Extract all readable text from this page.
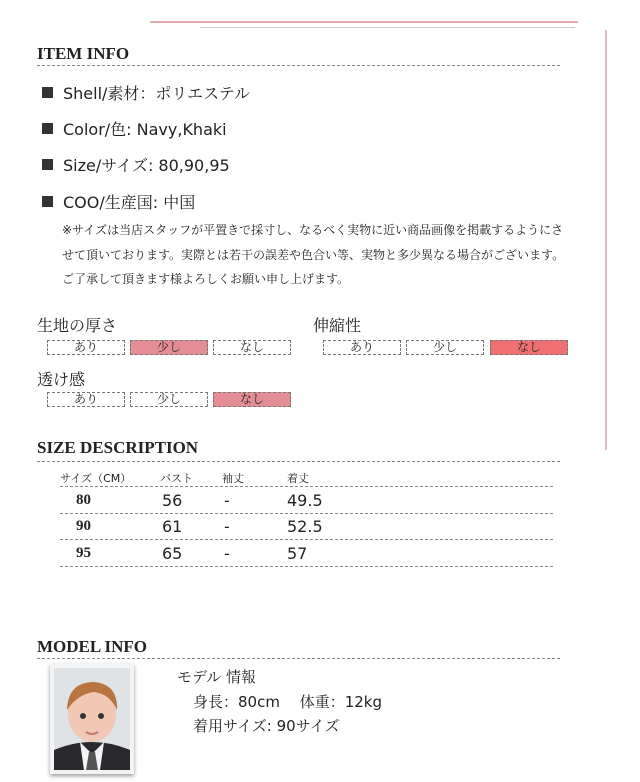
ITEM INFO
Shell/素材：ポリエステル
Color/色: Navy,Khaki
Size/サイズ: 80,90,95
COO/生産国: 中国
※サイズは当店スタッフが平置きで採寸し、なるべく実物に近い商品画像を掲載するようにさせて頂いております。実際とは若干の誤差や色合い等、実物と多少異なる場合がございます。ご了承して頂きます様よろしくお願い申し上げます。
生地の厚さ
あり	少し	なし
伸縮性
あり	少し	なし
透け感
あり	少し	なし
SIZE DESCRIPTION
サイズ（CM）	バスト	袖丈	着丈
80	56	-	49.5
90	61	-	52.5
95	65	-	57
MODEL INFO
モデル 情報
身長：80cm　 体重：12kg
着用サイズ: 90サイズ
